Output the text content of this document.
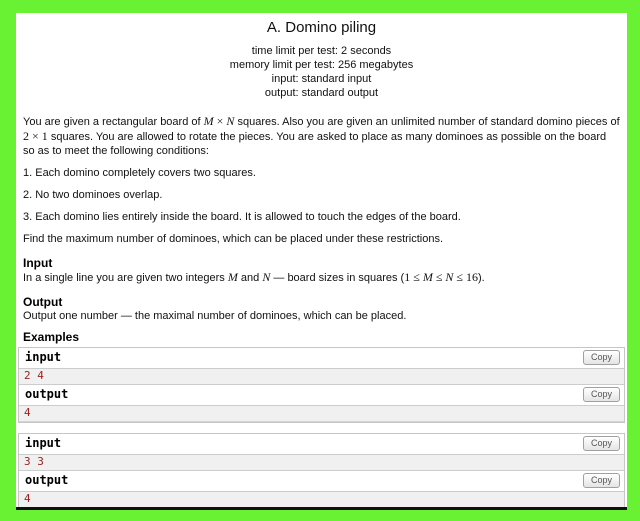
A. Domino piling
time limit per test: 2 seconds
memory limit per test: 256 megabytes
input: standard input
output: standard output

You are given a rectangular board of M × N squares. Also you are given an unlimited number of standard domino pieces of 2 × 1 squares. You are allowed to rotate the pieces. You are asked to place as many dominoes as possible on the board so as to meet the following conditions:

1. Each domino completely covers two squares.

2. No two dominoes overlap.

3. Each domino lies entirely inside the board. It is allowed to touch the edges of the board.

Find the maximum number of dominoes, which can be placed under these restrictions.

Input

In a single line you are given two integers M and N — board sizes in squares (1 ≤ M ≤ N ≤ 16).

Output

Output one number — the maximal number of dominoes, which can be placed.

Examples
input	Copy
2 4
output	Copy
4
input	Copy
3 3
output	Copy
4
